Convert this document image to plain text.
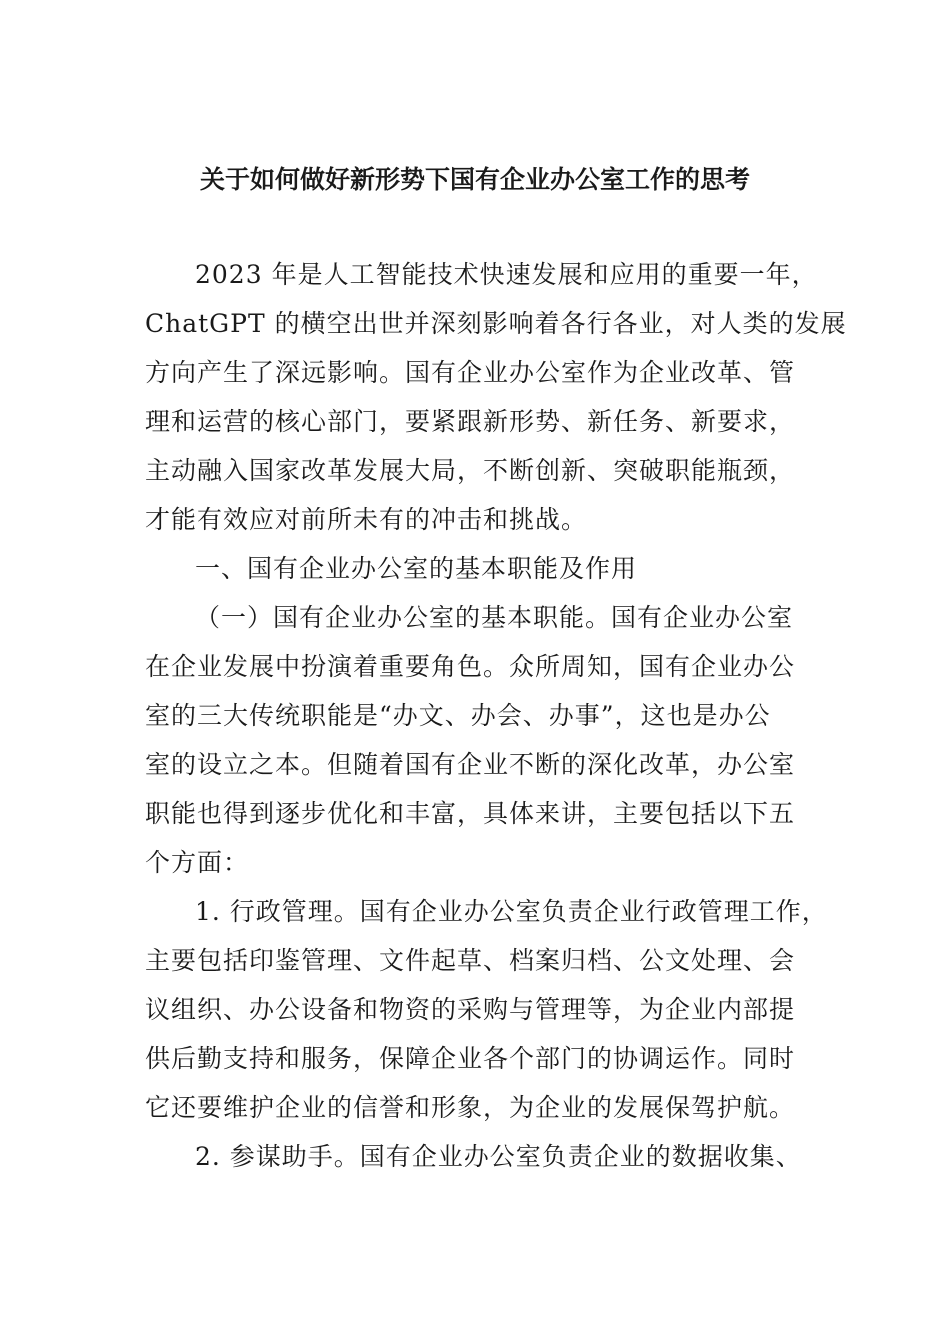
关于如何做好新形势下国有企业办公室工作的思考
2023 年是人工智能技术快速发展和应用的重要一年，
ChatGPT 的横空出世并深刻影响着各行各业，对人类的发展
方向产生了深远影响。国有企业办公室作为企业改革、管
理和运营的核心部门，要紧跟新形势、新任务、新要求，
主动融入国家改革发展大局，不断创新、突破职能瓶颈，
才能有效应对前所未有的冲击和挑战。
一、国有企业办公室的基本职能及作用
（一）国有企业办公室的基本职能。国有企业办公室
在企业发展中扮演着重要角色。众所周知，国有企业办公
室的三大传统职能是“办文、办会、办事”，这也是办公
室的设立之本。但随着国有企业不断的深化改革，办公室
职能也得到逐步优化和丰富，具体来讲，主要包括以下五
个方面：
1. 行政管理。国有企业办公室负责企业行政管理工作，
主要包括印鉴管理、文件起草、档案归档、公文处理、会
议组织、办公设备和物资的采购与管理等，为企业内部提
供后勤支持和服务，保障企业各个部门的协调运作。同时
它还要维护企业的信誉和形象，为企业的发展保驾护航。
2. 参谋助手。国有企业办公室负责企业的数据收集、
